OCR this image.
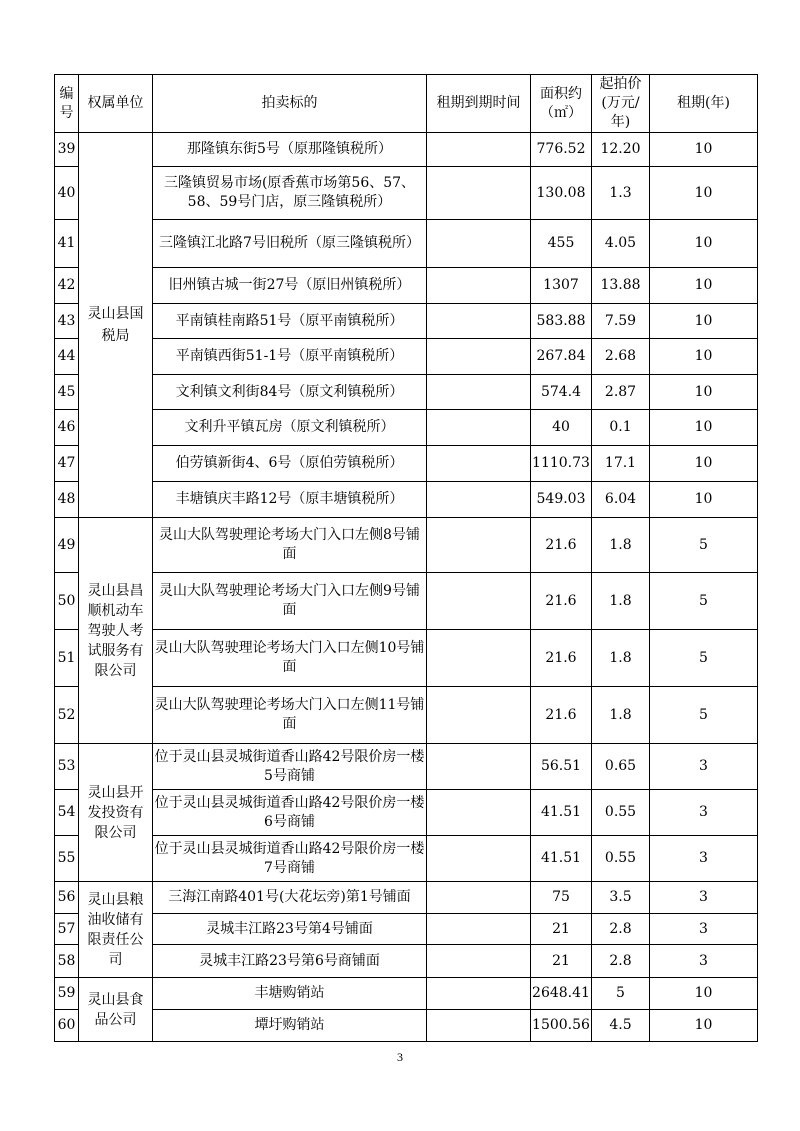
编号	权属单位	拍卖标的	租期到期时间	面积约（㎡）	起拍价(万元/年)	租期(年)
39	灵山县国税局	那隆镇东街5号（原那隆镇税所）		776.52	12.20	10
40		三隆镇贸易市场(原香蕉市场第56、57、58、59号门店，原三隆镇税所）		130.08	1.3	10
41		三隆镇江北路7号旧税所（原三隆镇税所）		455	4.05	10
42		旧州镇古城一街27号（原旧州镇税所）		1307	13.88	10
43		平南镇桂南路51号（原平南镇税所）		583.88	7.59	10
44		平南镇西街51-1号（原平南镇税所）		267.84	2.68	10
45		文利镇文利街84号（原文利镇税所）		574.4	2.87	10
46		文利升平镇瓦房（原文利镇税所）		40	0.1	10
47		伯劳镇新街4、6号（原伯劳镇税所）		1110.73	17.1	10
48		丰塘镇庆丰路12号（原丰塘镇税所）		549.03	6.04	10
49	灵山县昌顺机动车驾驶人考试服务有限公司	灵山大队驾驶理论考场大门入口左侧8号铺面		21.6	1.8	5
50		灵山大队驾驶理论考场大门入口左侧9号铺面		21.6	1.8	5
51		灵山大队驾驶理论考场大门入口左侧10号铺面		21.6	1.8	5
52		灵山大队驾驶理论考场大门入口左侧11号铺面		21.6	1.8	5
53	灵山县开发投资有限公司	位于灵山县灵城街道香山路42号限价房一楼5号商铺		56.51	0.65	3
54		位于灵山县灵城街道香山路42号限价房一楼6号商铺		41.51	0.55	3
55		位于灵山县灵城街道香山路42号限价房一楼7号商铺		41.51	0.55	3
56	灵山县粮油收储有限责任公司	三海江南路401号(大花坛旁)第1号铺面		75	3.5	3
57		灵城丰江路23号第4号铺面		21	2.8	3
58		灵城丰江路23号第6号商铺面		21	2.8	3
59	灵山县食品公司	丰塘购销站		2648.41	5	10
60		墰圩购销站		1500.56	4.5	10
3
